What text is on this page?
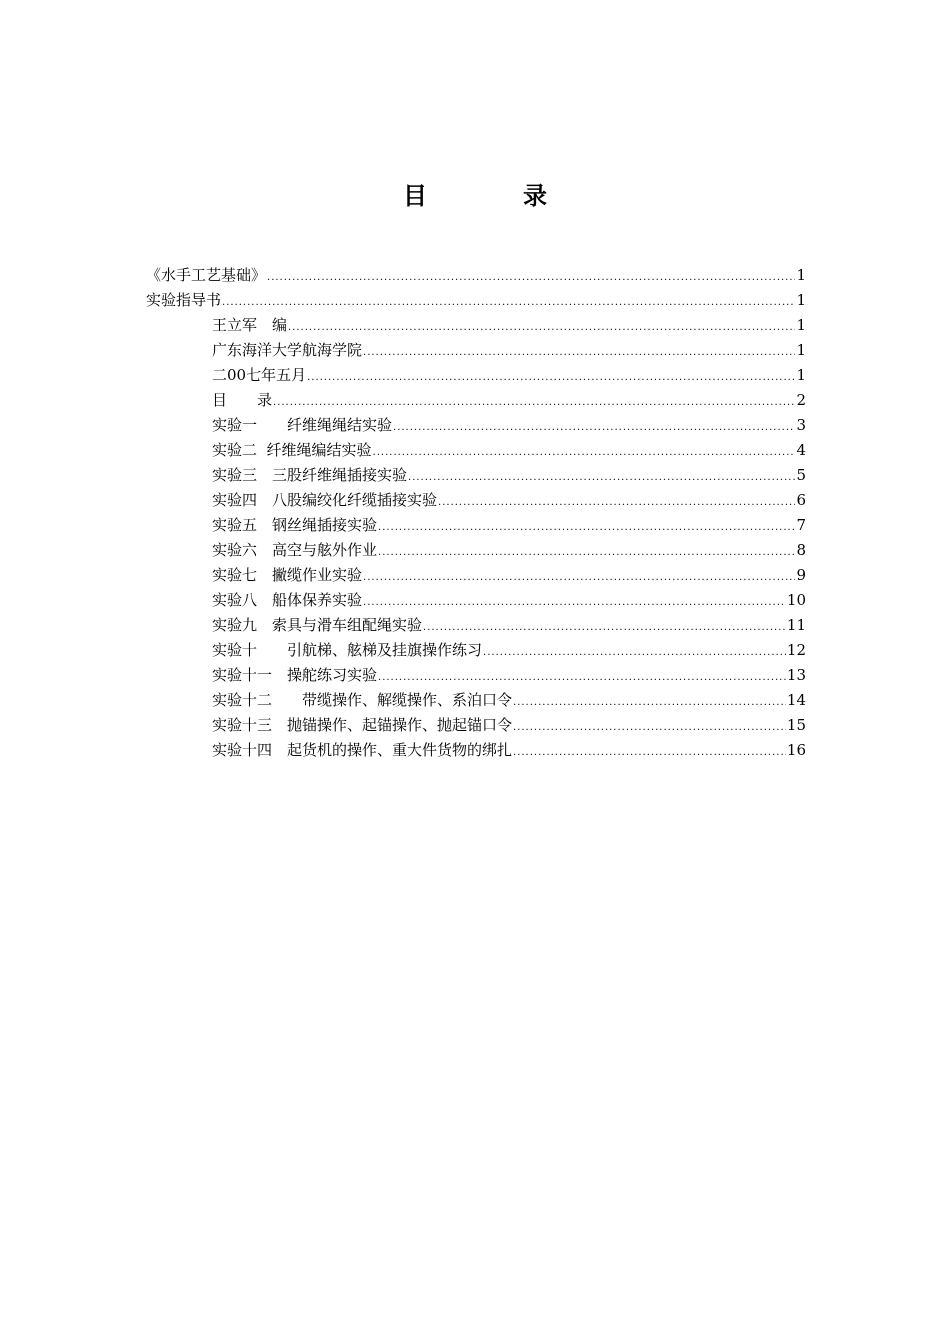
目　录
《水手工艺基础》 .....	1
实验指导书 .....	1
王立军　编 .....	1
广东海洋大学航海学院 .....	1
二00七年五月 .....	1
目　　录 .....	2
实验一　　纤维绳绳结实验 .....	3
实验二  纤维绳编结实验 .....	4
实验三　三股纤维绳插接实验 .....	5
实验四　八股编绞化纤缆插接实验 .....	6
实验五　钢丝绳插接实验 .....	7
实验六　高空与舷外作业 .....	8
实验七　撇缆作业实验 .....	9
实验八　船体保养实验 .....	10
实验九　索具与滑车组配绳实验 .....	11
实验十　　引航梯、舷梯及挂旗操作练习 .....	12
实验十一　操舵练习实验 .....	13
实验十二　　带缆操作、解缆操作、系泊口令 .....	14
实验十三　抛锚操作、起锚操作、抛起锚口令 .....	15
实验十四　起货机的操作、重大件货物的绑扎 .....	16
